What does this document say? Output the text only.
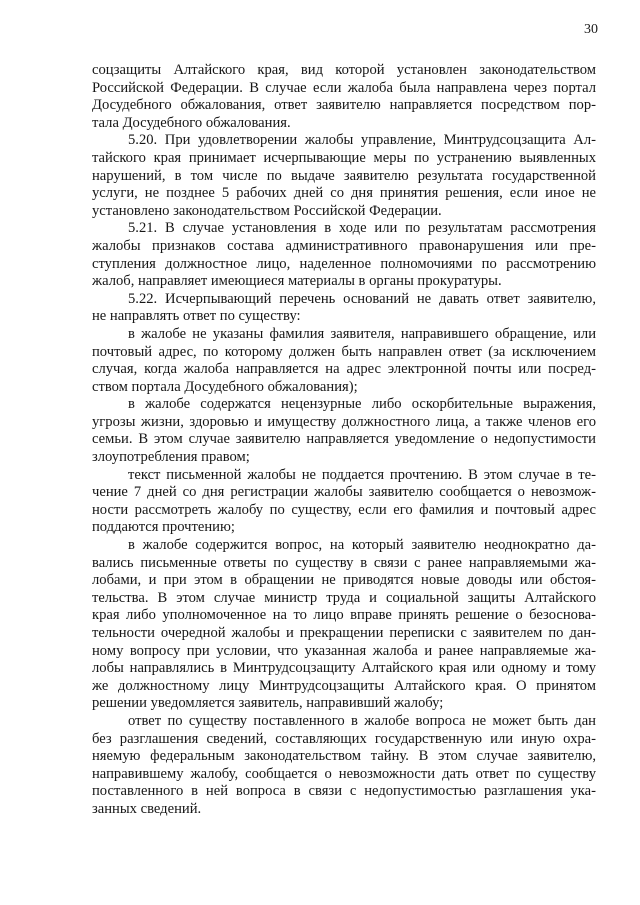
30
соцзащиты Алтайского края, вид которой установлен законодательством
Российской Федерации. В случае если жалоба была направлена через портал
Досудебного обжалования, ответ заявителю направляется посредством пор-
тала Досудебного обжалования.
5.20. При удовлетворении жалобы управление, Минтрудсоцзащита Ал-
тайского края принимает исчерпывающие меры по устранению выявленных
нарушений, в том числе по выдаче заявителю результата государственной
услуги, не позднее 5 рабочих дней со дня принятия решения, если иное не
установлено законодательством Российской Федерации.
5.21. В случае установления в ходе или по результатам рассмотрения
жалобы признаков состава административного правонарушения или пре-
ступления должностное лицо, наделенное полномочиями по рассмотрению
жалоб, направляет имеющиеся материалы в органы прокуратуры.
5.22. Исчерпывающий перечень оснований не давать ответ заявителю,
не направлять ответ по существу:
в жалобе не указаны фамилия заявителя, направившего обращение, или
почтовый адрес, по которому должен быть направлен ответ (за исключением
случая, когда жалоба направляется на адрес электронной почты или посред-
ством портала Досудебного обжалования);
в жалобе содержатся нецензурные либо оскорбительные выражения,
угрозы жизни, здоровью и имуществу должностного лица, а также членов его
семьи. В этом случае заявителю направляется уведомление о недопустимости
злоупотребления правом;
текст письменной жалобы не поддается прочтению. В этом случае в те-
чение 7 дней со дня регистрации жалобы заявителю сообщается о невозмож-
ности рассмотреть жалобу по существу, если его фамилия и почтовый адрес
поддаются прочтению;
в жалобе содержится вопрос, на который заявителю неоднократно да-
вались письменные ответы по существу в связи с ранее направляемыми жа-
лобами, и при этом в обращении не приводятся новые доводы или обстоя-
тельства. В этом случае министр труда и социальной защиты Алтайского
края либо уполномоченное на то лицо вправе принять решение о безоснова-
тельности очередной жалобы и прекращении переписки с заявителем по дан-
ному вопросу при условии, что указанная жалоба и ранее направляемые жа-
лобы направлялись в Минтрудсоцзащиту Алтайского края или одному и тому
же должностному лицу Минтрудсоцзащиты Алтайского края. О принятом
решении уведомляется заявитель, направивший жалобу;
ответ по существу поставленного в жалобе вопроса не может быть дан
без разглашения сведений, составляющих государственную или иную охра-
няемую федеральным законодательством тайну. В этом случае заявителю,
направившему жалобу, сообщается о невозможности дать ответ по существу
поставленного в ней вопроса в связи с недопустимостью разглашения ука-
занных сведений.
